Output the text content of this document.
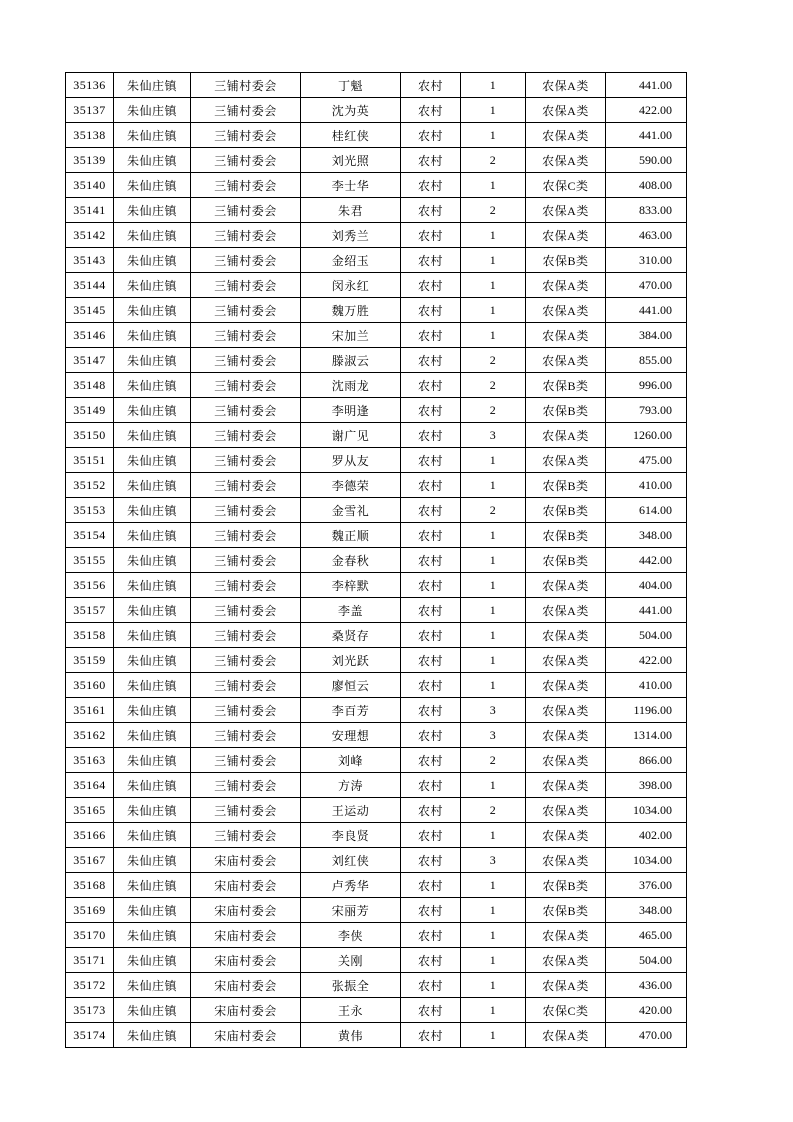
35136	朱仙庄镇	三铺村委会	丁魁	农村	1	农保A类	441.00
35137	朱仙庄镇	三铺村委会	沈为英	农村	1	农保A类	422.00
35138	朱仙庄镇	三铺村委会	桂红侠	农村	1	农保A类	441.00
35139	朱仙庄镇	三铺村委会	刘光照	农村	2	农保A类	590.00
35140	朱仙庄镇	三铺村委会	李士华	农村	1	农保C类	408.00
35141	朱仙庄镇	三铺村委会	朱君	农村	2	农保A类	833.00
35142	朱仙庄镇	三铺村委会	刘秀兰	农村	1	农保A类	463.00
35143	朱仙庄镇	三铺村委会	金绍玉	农村	1	农保B类	310.00
35144	朱仙庄镇	三铺村委会	闵永红	农村	1	农保A类	470.00
35145	朱仙庄镇	三铺村委会	魏万胜	农村	1	农保A类	441.00
35146	朱仙庄镇	三铺村委会	宋加兰	农村	1	农保A类	384.00
35147	朱仙庄镇	三铺村委会	滕淑云	农村	2	农保A类	855.00
35148	朱仙庄镇	三铺村委会	沈雨龙	农村	2	农保B类	996.00
35149	朱仙庄镇	三铺村委会	李明逢	农村	2	农保B类	793.00
35150	朱仙庄镇	三铺村委会	谢广见	农村	3	农保A类	1260.00
35151	朱仙庄镇	三铺村委会	罗从友	农村	1	农保A类	475.00
35152	朱仙庄镇	三铺村委会	李德荣	农村	1	农保B类	410.00
35153	朱仙庄镇	三铺村委会	金雪礼	农村	2	农保B类	614.00
35154	朱仙庄镇	三铺村委会	魏正顺	农村	1	农保B类	348.00
35155	朱仙庄镇	三铺村委会	金春秋	农村	1	农保B类	442.00
35156	朱仙庄镇	三铺村委会	李梓默	农村	1	农保A类	404.00
35157	朱仙庄镇	三铺村委会	李盖	农村	1	农保A类	441.00
35158	朱仙庄镇	三铺村委会	桑贤存	农村	1	农保A类	504.00
35159	朱仙庄镇	三铺村委会	刘光跃	农村	1	农保A类	422.00
35160	朱仙庄镇	三铺村委会	廖恒云	农村	1	农保A类	410.00
35161	朱仙庄镇	三铺村委会	李百芳	农村	3	农保A类	1196.00
35162	朱仙庄镇	三铺村委会	安理想	农村	3	农保A类	1314.00
35163	朱仙庄镇	三铺村委会	刘峰	农村	2	农保A类	866.00
35164	朱仙庄镇	三铺村委会	方涛	农村	1	农保A类	398.00
35165	朱仙庄镇	三铺村委会	王运动	农村	2	农保A类	1034.00
35166	朱仙庄镇	三铺村委会	李良贤	农村	1	农保A类	402.00
35167	朱仙庄镇	宋庙村委会	刘红侠	农村	3	农保A类	1034.00
35168	朱仙庄镇	宋庙村委会	卢秀华	农村	1	农保B类	376.00
35169	朱仙庄镇	宋庙村委会	宋丽芳	农村	1	农保B类	348.00
35170	朱仙庄镇	宋庙村委会	李侠	农村	1	农保A类	465.00
35171	朱仙庄镇	宋庙村委会	关刚	农村	1	农保A类	504.00
35172	朱仙庄镇	宋庙村委会	张振全	农村	1	农保A类	436.00
35173	朱仙庄镇	宋庙村委会	王永	农村	1	农保C类	420.00
35174	朱仙庄镇	宋庙村委会	黄伟	农村	1	农保A类	470.00
